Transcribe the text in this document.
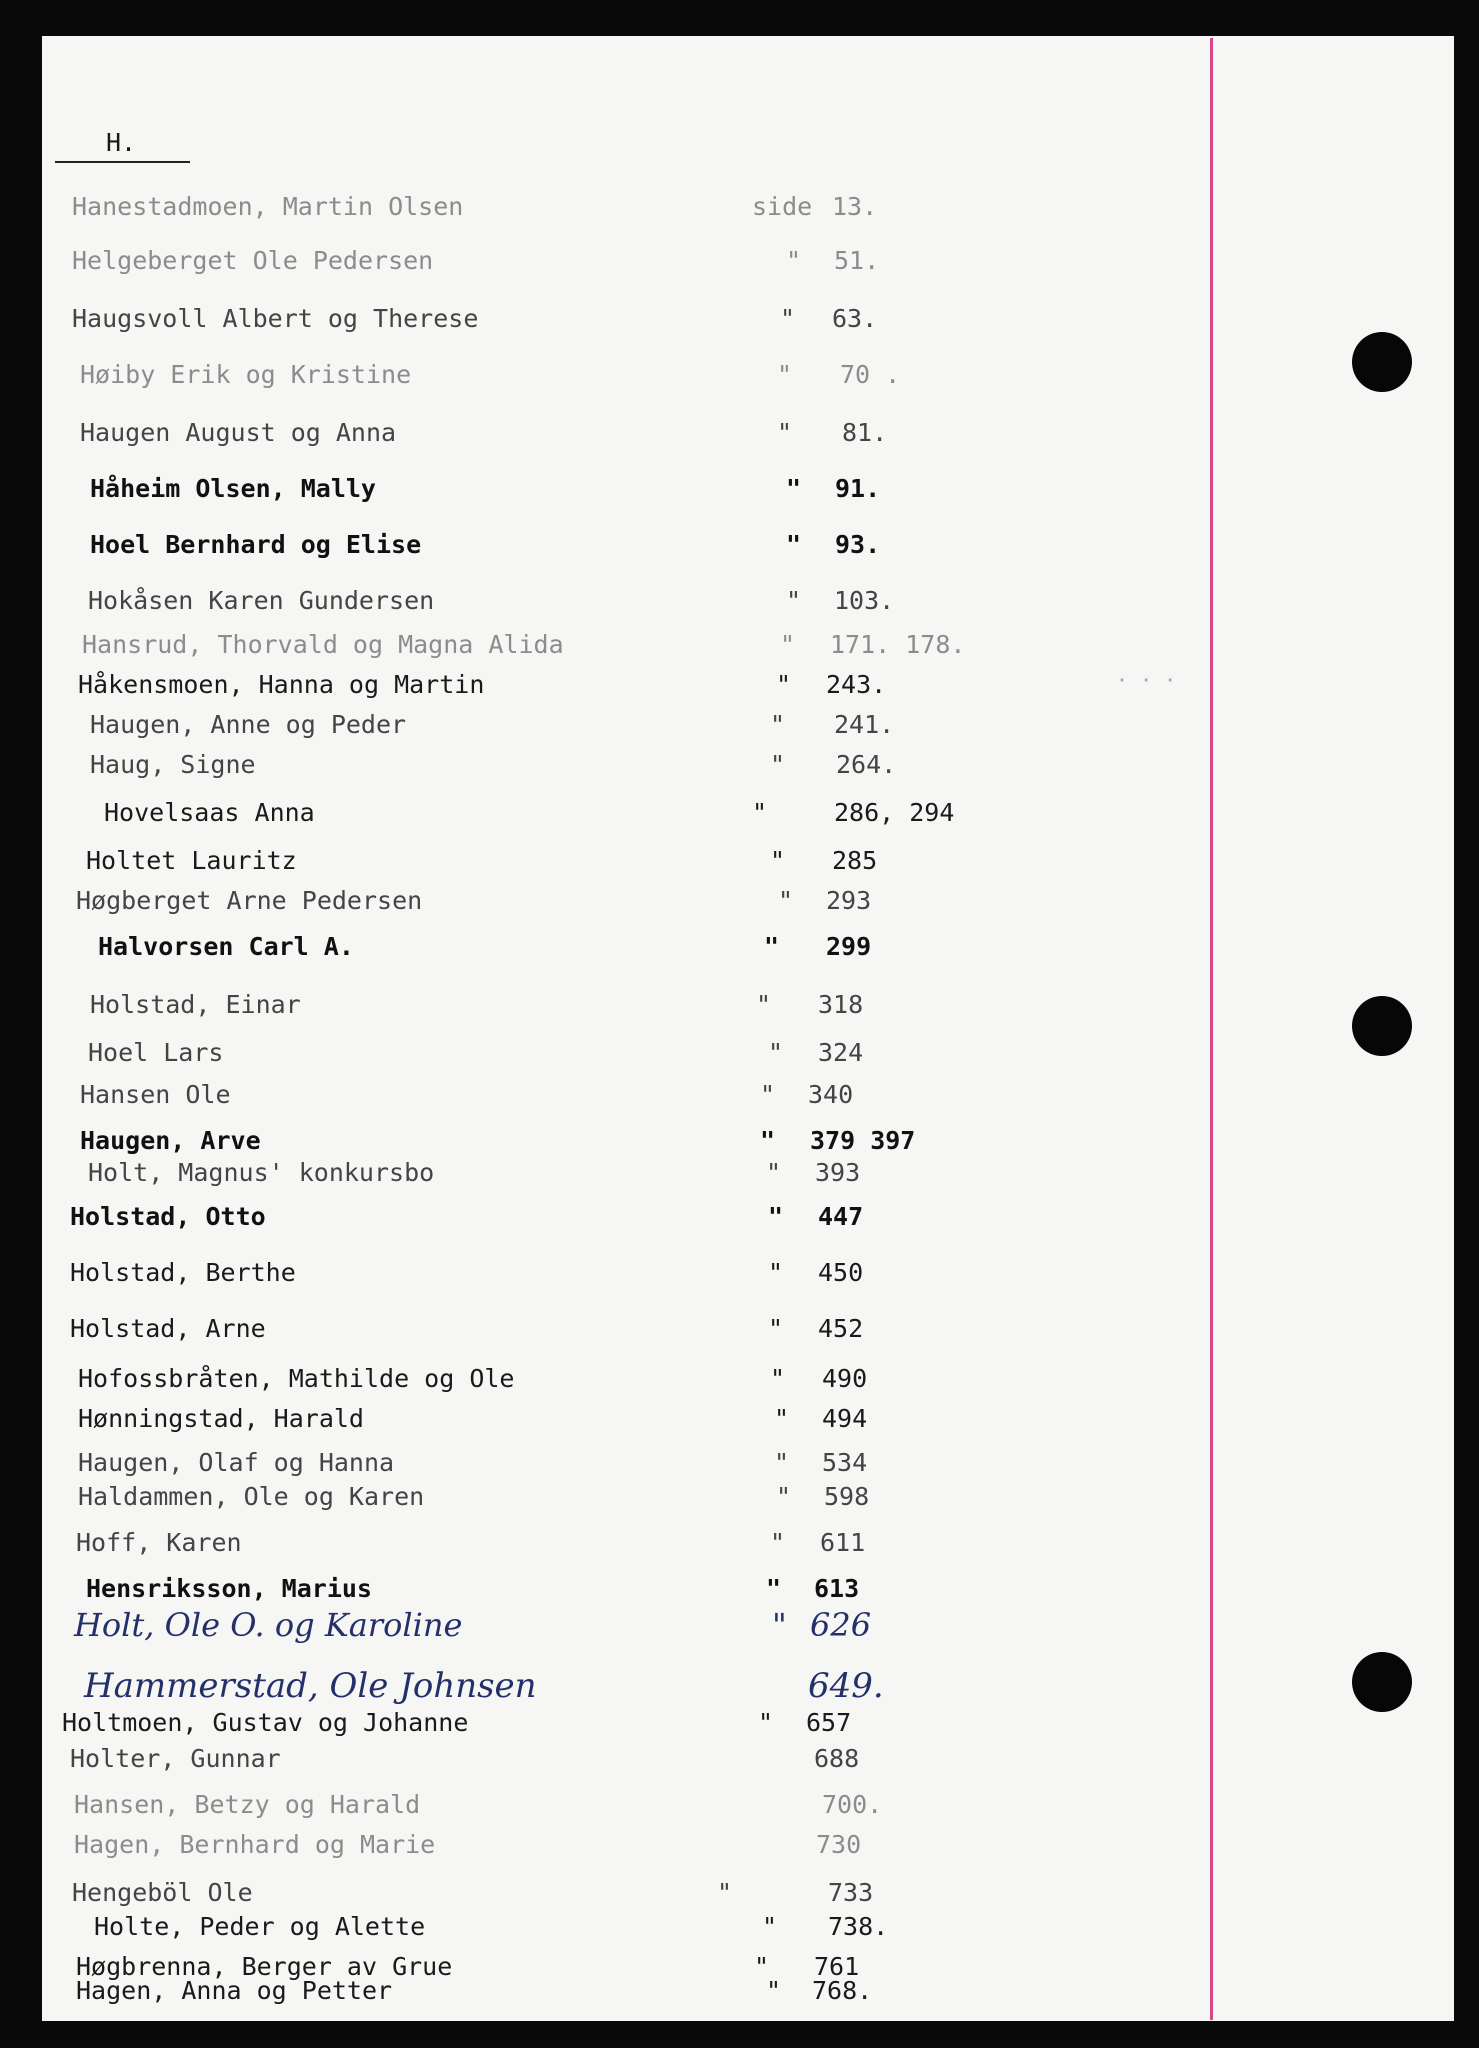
H.
· · ·
Hanestadmoen, Martin Olsen	side 13.
Helgeberget Ole Pedersen	" 51.
Haugsvoll Albert og Therese	" 63.
Høiby Erik og Kristine	" 70 .
Haugen August og Anna	" 81.
Håheim Olsen, Mally	" 91.
Hoel Bernhard og Elise	" 93.
Hokåsen Karen Gundersen	" 103.
Hansrud, Thorvald og Magna Alida	" 171. 178.
Håkensmoen, Hanna og Martin	" 243.
Haugen, Anne og Peder	" 241.
Haug, Signe	" 264.
Hovelsaas Anna	"	286, 294
Holtet Lauritz	" 285
Høgberget Arne Pedersen	" 293
Halvorsen Carl A.	" 299
Holstad, Einar	" 318
Hoel Lars	" 324
Hansen Ole	" 340
Haugen, Arve	" 379 397
Holt, Magnus' konkursbo	" 393
Holstad, Otto	" 447
Holstad, Berthe	" 450
Holstad, Arne	" 452
Hofossbråten, Mathilde og Ole	" 490
Hønningstad, Harald	" 494
Haugen, Olaf og Hanna	" 534
Haldammen, Ole og Karen	" 598
Hoff, Karen	" 611
Hensriksson, Marius	" 613
Holt, Ole O. og Karoline	" 626
Hammerstad, Ole Johnsen	649.
Holtmoen, Gustav og Johanne	" 657
Holter, Gunnar	688
Hansen, Betzy og Harald	700.
Hagen, Bernhard og Marie	730
Hengeböl Ole	"	733
Holte, Peder og Alette	" 738.
Høgbrenna, Berger av Grue	" 761
Hagen, Anna og Petter	" 768.
